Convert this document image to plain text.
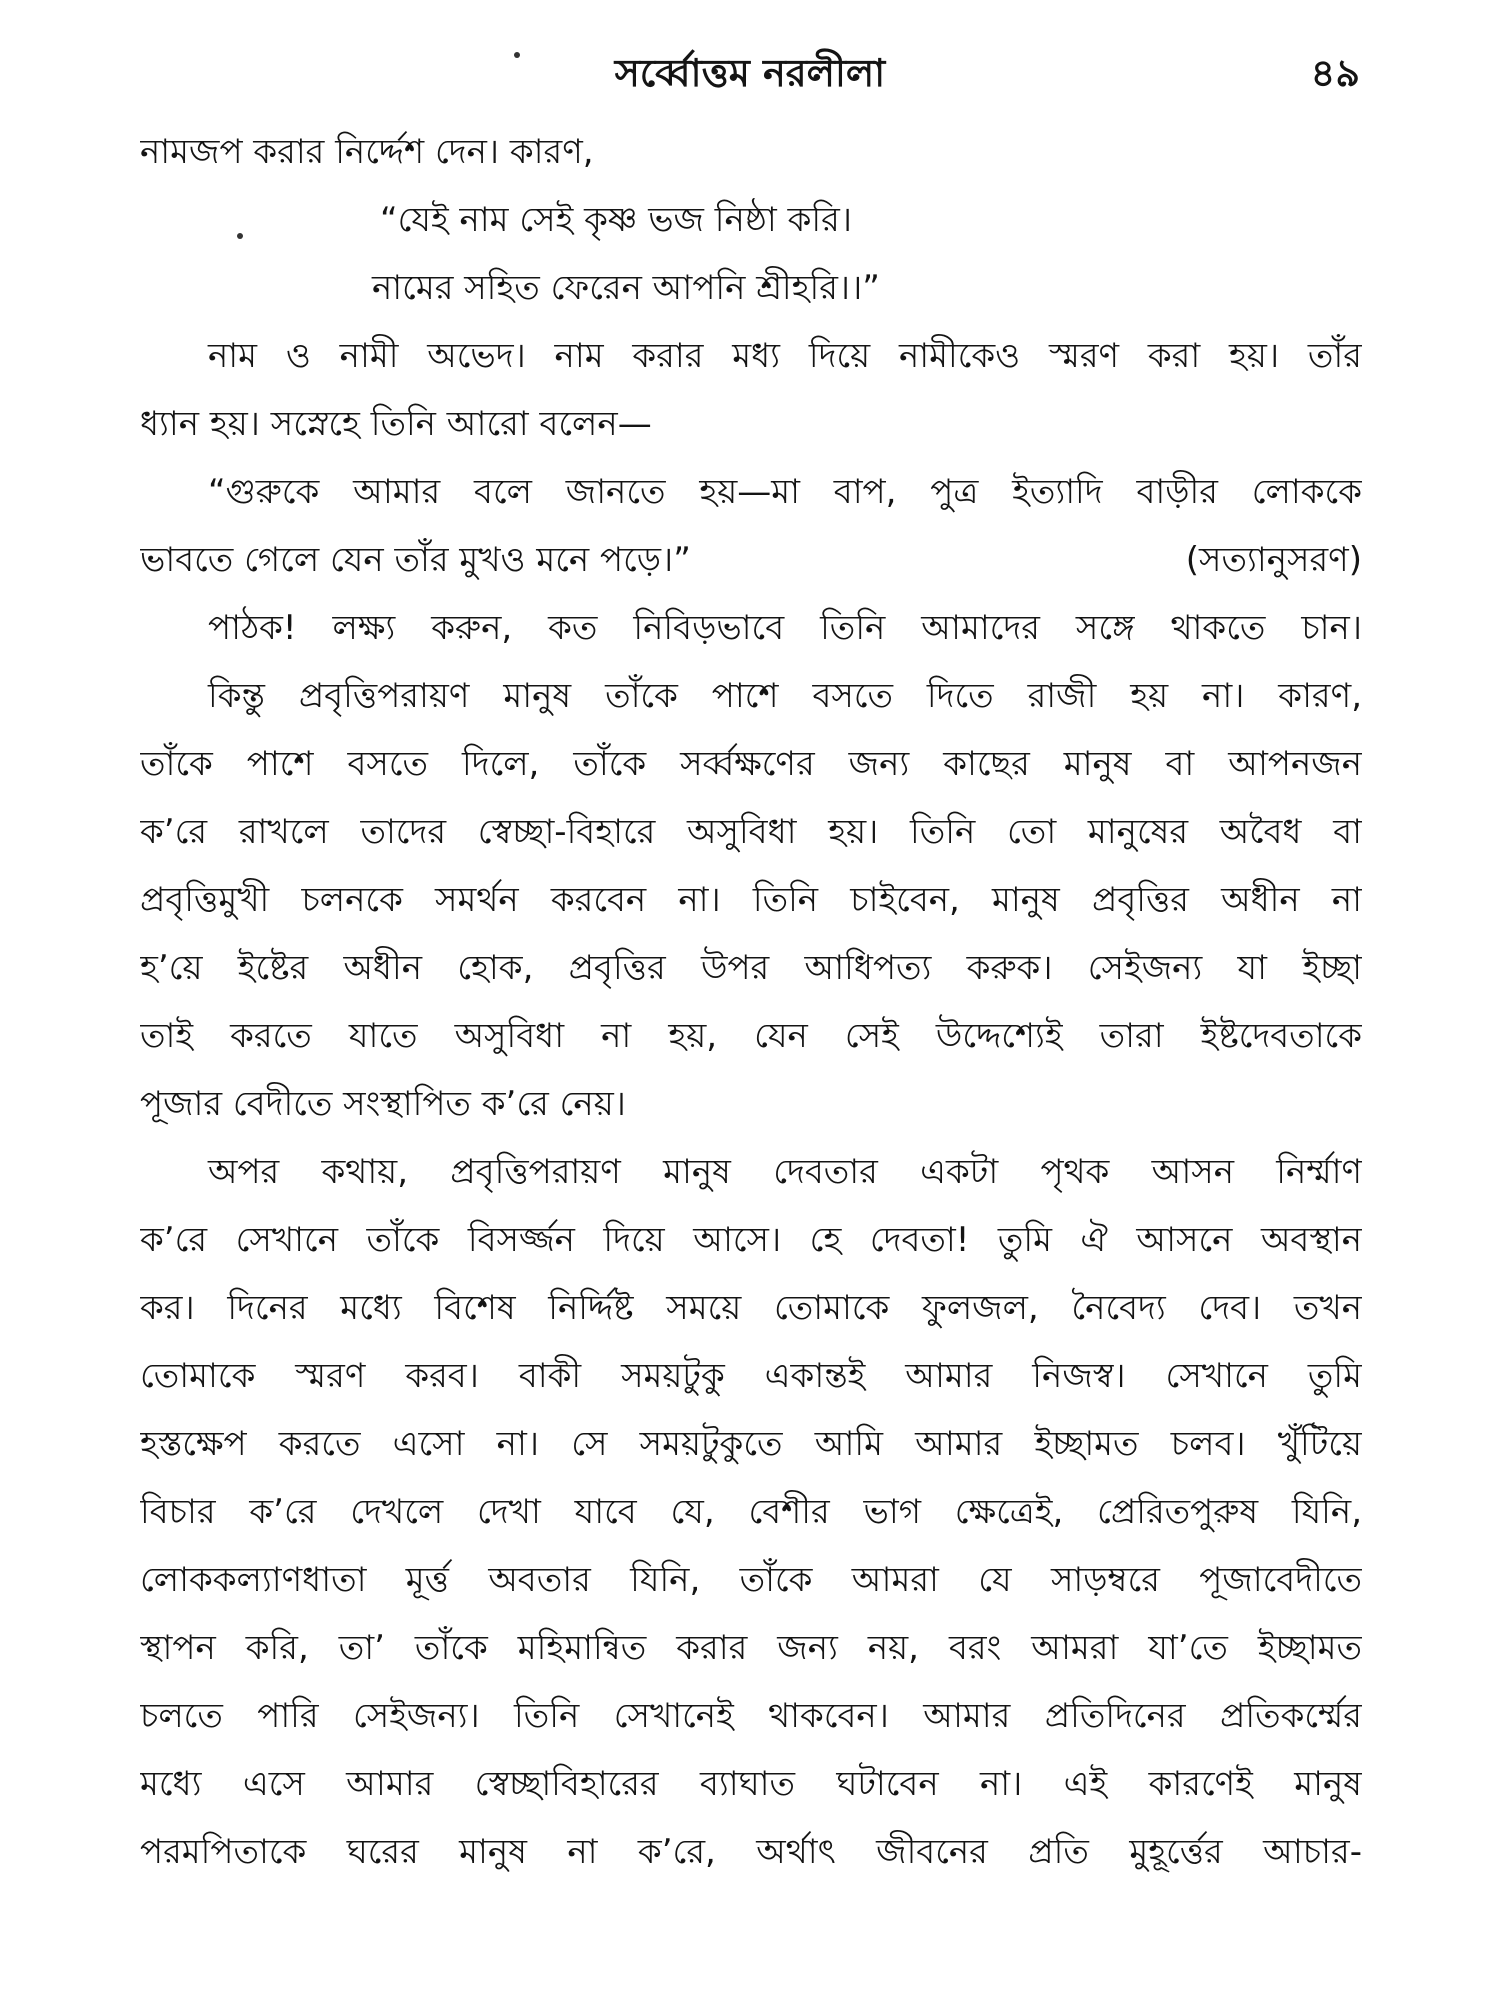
সর্ব্বোত্তম নরলীলা	৪৯
নামজপ করার নির্দ্দেশ দেন। কারণ,
“যেই নাম সেই কৃষ্ণ ভজ নিষ্ঠা করি।
নামের সহিত ফেরেন আপনি শ্রীহরি।।”
নাম ও নামী অভেদ। নাম করার মধ্য দিয়ে নামীকেও স্মরণ করা হয়। তাঁর
ধ্যান হয়। সস্নেহে তিনি আরো বলেন—
“গুরুকে আমার বলে জানতে হয়—মা বাপ, পুত্র ইত্যাদি বাড়ীর লোককে
ভাবতে গেলে যেন তাঁর মুখও মনে পড়ে।”	(সত্যানুসরণ)
পাঠক! লক্ষ্য করুন, কত নিবিড়ভাবে তিনি আমাদের সঙ্গে থাকতে চান।
কিন্তু প্রবৃত্তিপরায়ণ মানুষ তাঁকে পাশে বসতে দিতে রাজী হয় না। কারণ,
তাঁকে পাশে বসতে দিলে, তাঁকে সর্ব্বক্ষণের জন্য কাছের মানুষ বা আপনজন
ক’রে রাখলে তাদের স্বেচ্ছা-বিহারে অসুবিধা হয়। তিনি তো মানুষের অবৈধ বা
প্রবৃত্তিমুখী চলনকে সমর্থন করবেন না। তিনি চাইবেন, মানুষ প্রবৃত্তির অধীন না
হ’য়ে ইষ্টের অধীন হোক, প্রবৃত্তির উপর আধিপত্য করুক। সেইজন্য যা ইচ্ছা
তাই করতে যাতে অসুবিধা না হয়, যেন সেই উদ্দেশ্যেই তারা ইষ্টদেবতাকে
পূজার বেদীতে সংস্থাপিত ক’রে নেয়।
অপর কথায়, প্রবৃত্তিপরায়ণ মানুষ দেবতার একটা পৃথক আসন নির্ম্মাণ
ক’রে সেখানে তাঁকে বিসর্জ্জন দিয়ে আসে। হে দেবতা! তুমি ঐ আসনে অবস্থান
কর। দিনের মধ্যে বিশেষ নির্দ্দিষ্ট সময়ে তোমাকে ফুলজল, নৈবেদ্য দেব। তখন
তোমাকে স্মরণ করব। বাকী সময়টুকু একান্তই আমার নিজস্ব। সেখানে তুমি
হস্তক্ষেপ করতে এসো না। সে সময়টুকুতে আমি আমার ইচ্ছামত চলব। খুঁটিয়ে
বিচার ক’রে দেখলে দেখা যাবে যে, বেশীর ভাগ ক্ষেত্রেই, প্রেরিতপুরুষ যিনি,
লোককল্যাণধাতা মূর্ত্ত অবতার যিনি, তাঁকে আমরা যে সাড়ম্বরে পূজাবেদীতে
স্থাপন করি, তা’ তাঁকে মহিমান্বিত করার জন্য নয়, বরং আমরা যা’তে ইচ্ছামত
চলতে পারি সেইজন্য। তিনি সেখানেই থাকবেন। আমার প্রতিদিনের প্রতিকর্ম্মের
মধ্যে এসে আমার স্বেচ্ছাবিহারের ব্যাঘাত ঘটাবেন না। এই কারণেই মানুষ
পরমপিতাকে ঘরের মানুষ না ক’রে, অর্থাৎ জীবনের প্রতি মুহূর্ত্তের আচার-
